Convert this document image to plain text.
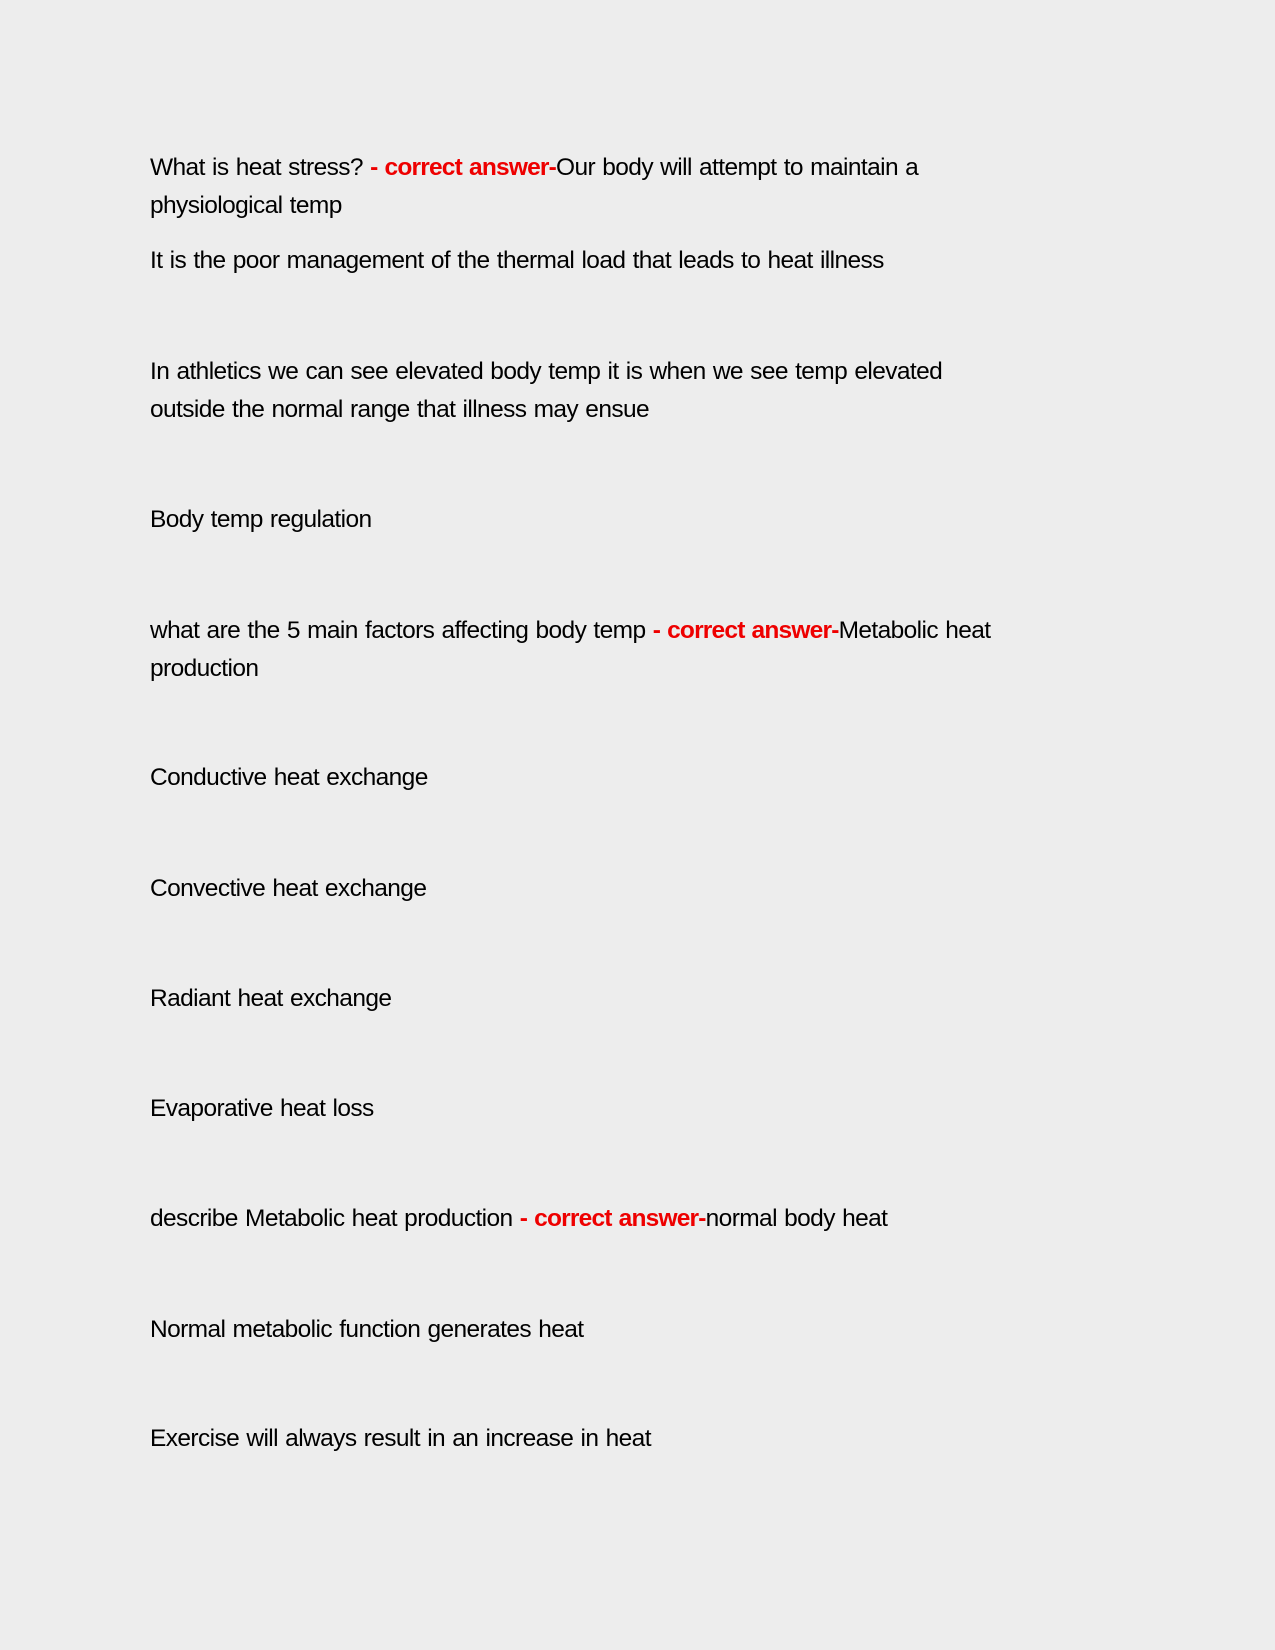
What is heat stress? - correct answer-Our body will attempt to maintain a
physiological temp
It is the poor management of the thermal load that leads to heat illness
In athletics we can see elevated body temp it is when we see temp elevated
outside the normal range that illness may ensue
Body temp regulation
what are the 5 main factors affecting body temp - correct answer-Metabolic heat
production
Conductive heat exchange
Convective heat exchange
Radiant heat exchange
Evaporative heat loss
describe Metabolic heat production - correct answer-normal body heat
Normal metabolic function generates heat
Exercise will always result in an increase in heat
